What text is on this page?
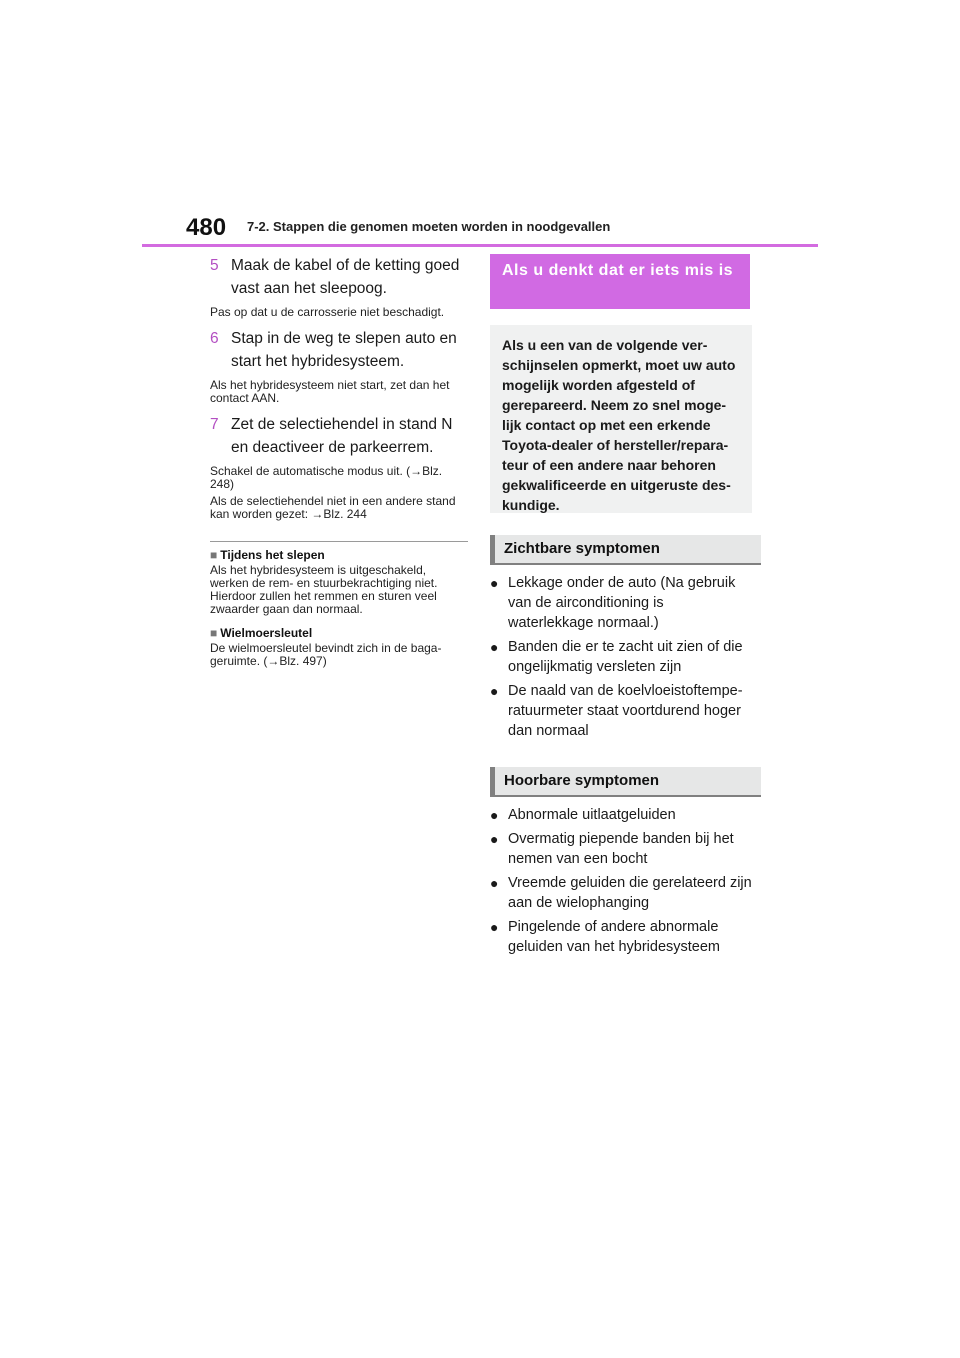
480 7-2. Stappen die genomen moeten worden in noodgevallen
5 Maak de kabel of de ketting goed vast aan het sleepoog.
Pas op dat u de carrosserie niet beschadigt.
6 Stap in de weg te slepen auto en start het hybridesysteem.
Als het hybridesysteem niet start, zet dan het contact AAN.
7 Zet de selectiehendel in stand N en deactiveer de parkeerrem.
Schakel de automatische modus uit. (→Blz. 248)
Als de selectiehendel niet in een andere stand kan worden gezet: →Blz. 244
■ Tijdens het slepen
Als het hybridesysteem is uitgeschakeld, werken de rem- en stuurbekrachtiging niet. Hierdoor zullen het remmen en sturen veel zwaarder gaan dan normaal.
■ Wielmoersleutel
De wielmoersleutel bevindt zich in de baga-geruimte. (→Blz. 497)
Als u denkt dat er iets mis is
Als u een van de volgende ver-schijnselen opmerkt, moet uw auto mogelijk worden afgesteld of gerepareerd. Neem zo snel moge-lijk contact op met een erkende Toyota-dealer of hersteller/repara-teur of een andere naar behoren gekwalificeerde en uitgeruste des-kundige.
Zichtbare symptomen
● Lekkage onder de auto (Na gebruik van de airconditioning is waterlekkage normaal.)
● Banden die er te zacht uit zien of die ongelijkmatig versleten zijn
● De naald van de koelvloeistoftempe-ratuurmeter staat voortdurend hoger dan normaal
Hoorbare symptomen
● Abnormale uitlaatgeluiden
● Overmatig piepende banden bij het nemen van een bocht
● Vreemde geluiden die gerelateerd zijn aan de wielophanging
● Pingelende of andere abnormale geluiden van het hybridesysteem
